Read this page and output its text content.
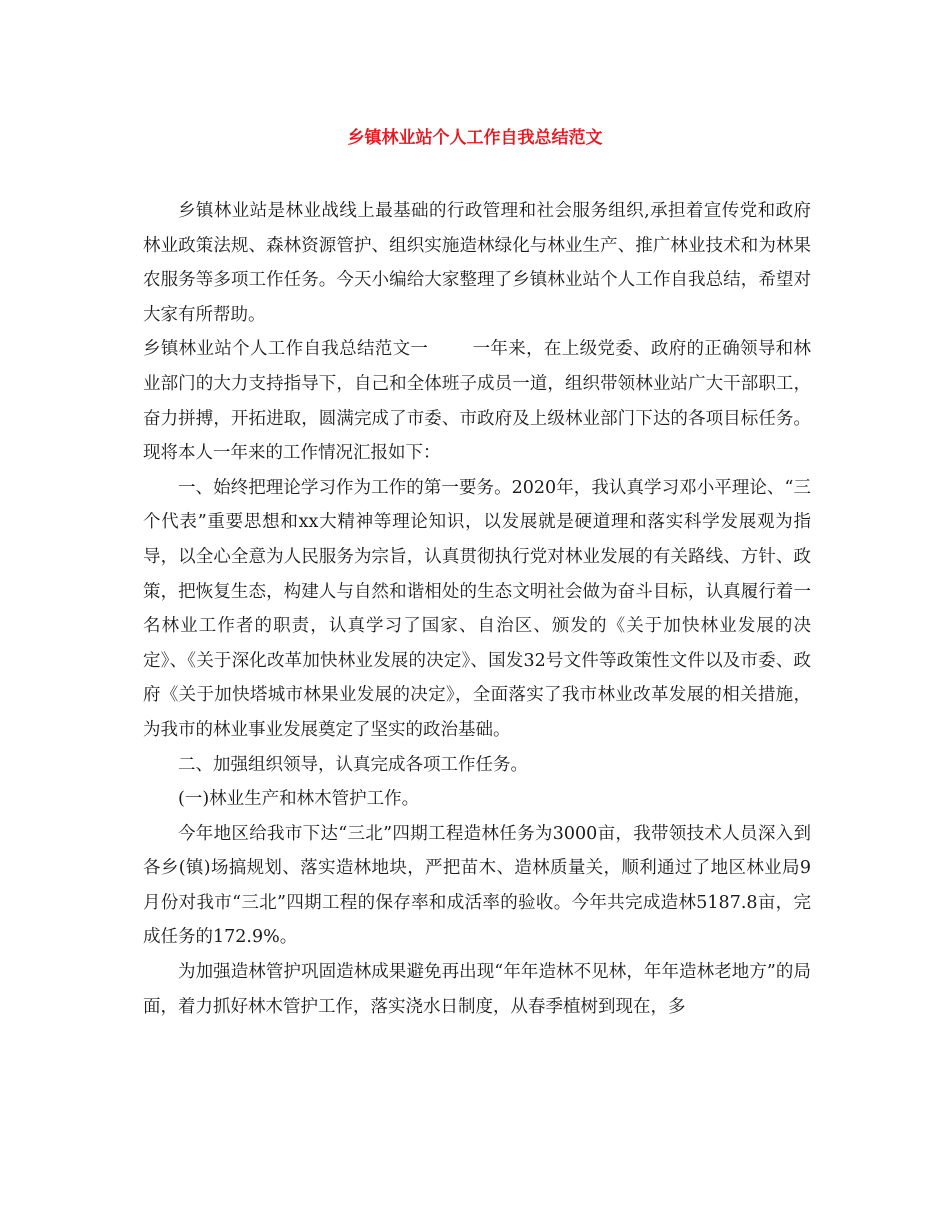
乡镇林业站个人工作自我总结范文

乡镇林业站是林业战线上最基础的行政管理和社会服务组织,承担着宣传党和政府林业政策法规、森林资源管护、组织实施造林绿化与林业生产、推广林业技术和为林果农服务等多项工作任务。今天小编给大家整理了乡镇林业站个人工作自我总结，希望对大家有所帮助。

乡镇林业站个人工作自我总结范文一	一年来，在上级党委、政府的正确领导和林业部门的大力支持指导下，自己和全体班子成员一道，组织带领林业站广大干部职工，奋力拼搏，开拓进取，圆满完成了市委、市政府及上级林业部门下达的各项目标任务。现将本人一年来的工作情况汇报如下：

一、始终把理论学习作为工作的第一要务。2020年，我认真学习邓小平理论、“三个代表”重要思想和xx大精神等理论知识，以发展就是硬道理和落实科学发展观为指导，以全心全意为人民服务为宗旨，认真贯彻执行党对林业发展的有关路线、方针、政策，把恢复生态，构建人与自然和谐相处的生态文明社会做为奋斗目标，认真履行着一名林业工作者的职责，认真学习了国家、自治区、颁发的《关于加快林业发展的决定》、《关于深化改革加快林业发展的决定》、国发32号文件等政策性文件以及市委、政府《关于加快塔城市林果业发展的决定》，全面落实了我市林业改革发展的相关措施，为我市的林业事业发展奠定了坚实的政治基础。

二、加强组织领导，认真完成各项工作任务。

(一)林业生产和林木管护工作。

今年地区给我市下达“三北”四期工程造林任务为3000亩，我带领技术人员深入到各乡(镇)场搞规划、落实造林地块，严把苗木、造林质量关，顺利通过了地区林业局9月份对我市“三北”四期工程的保存率和成活率的验收。今年共完成造林5187.8亩，完成任务的172.9%。

为加强造林管护巩固造林成果避免再出现“年年造林不见林，年年造林老地方”的局面，着力抓好林木管护工作，落实浇水日制度，从春季植树到现在，多
